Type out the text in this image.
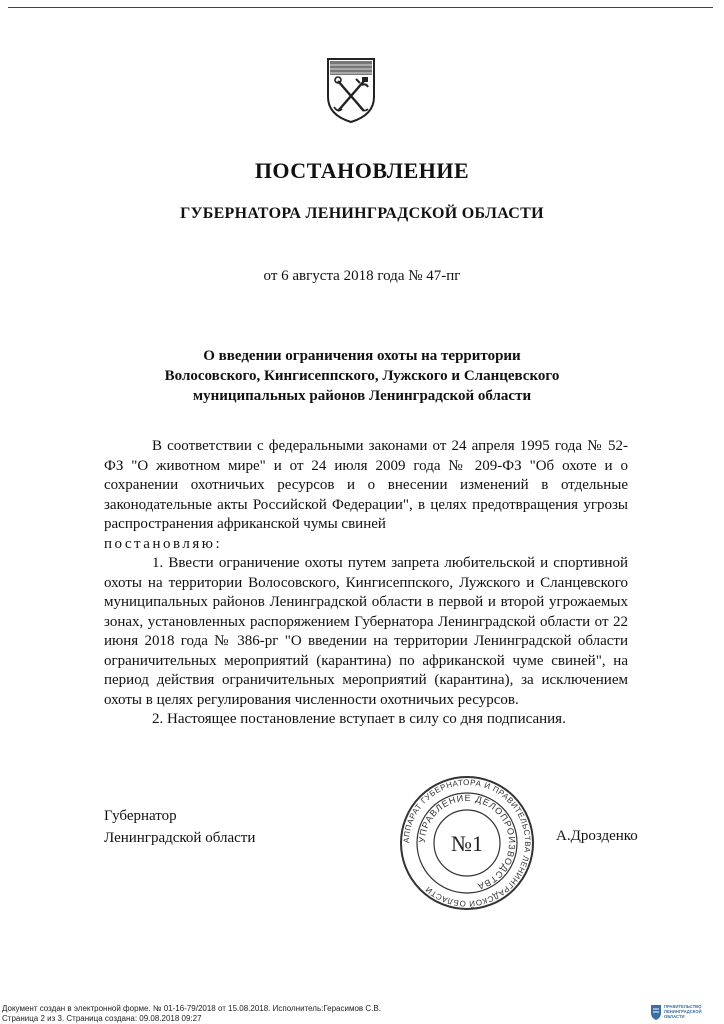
ПОСТАНОВЛЕНИЕ
ГУБЕРНАТОРА ЛЕНИНГРАДСКОЙ ОБЛАСТИ
от 6 августа 2018 года № 47-пг
О введении ограничения охоты на территории
Волосовского, Кингисеппского, Лужского и Сланцевского
муниципальных районов Ленинградской области

В соответствии с федеральными законами от 24 апреля 1995 года № 52-ФЗ "О животном мире" и от 24 июля 2009 года № 209-ФЗ "Об охоте и о сохранении охотничьих ресурсов и о внесении изменений в отдельные законодательные акты Российской Федерации", в целях предотвращения угрозы распространения африканской чумы свиней

постановляю:

1. Ввести ограничение охоты путем запрета любительской и спортивной охоты на территории Волосовского, Кингисеппского, Лужского и Сланцевского муниципальных районов Ленинградской области в первой и второй угрожаемых зонах, установленных распоряжением Губернатора Ленинградской области от 22 июня 2018 года № 386-рг "О введении на территории Ленинградской области ограничительных мероприятий (карантина) по африканской чуме свиней", на период действия ограничительных мероприятий (карантина), за исключением охоты в целях регулирования численности охотничьих ресурсов.

2. Настоящее постановление вступает в силу со дня подписания.

Губернатор
Ленинградской области	А.Дрозденко
АППАРАТ ГУБЕРНАТОРА И ПРАВИТЕЛЬСТВА ЛЕНИНГРАДСКОЙ ОБЛАСТИ
УПРАВЛЕНИЕ ДЕЛОПРОИЗВОДСТВА
№1
Документ создан в электронной форме. № 01-16-79/2018 от 15.08.2018. Исполнитель:Герасимов С.В.
Страница 2 из 3. Страница создана: 09.08.2018 09:27
ПРАВИТЕЛЬСТВО
ЛЕНИНГРАДСКОЙ
ОБЛАСТИ
